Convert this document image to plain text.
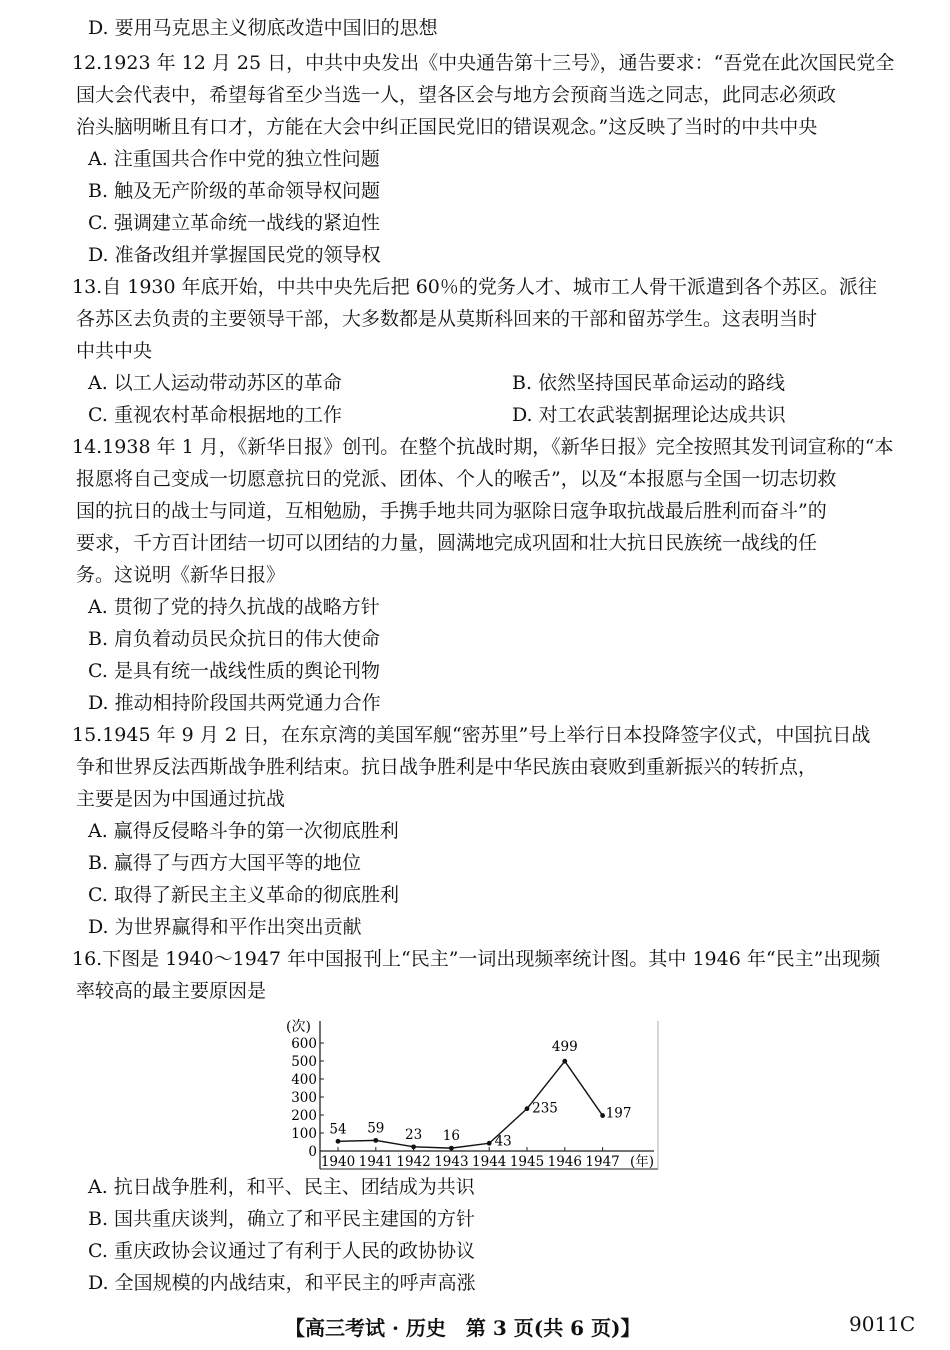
D. 要用马克思主义彻底改造中国旧的思想
12.1923 年 12 月 25 日，中共中央发出《中央通告第十三号》，通告要求：“吾党在此次国民党全
国大会代表中，希望每省至少当选一人，望各区会与地方会预商当选之同志，此同志必须政
治头脑明晰且有口才，方能在大会中纠正国民党旧的错误观念。”这反映了当时的中共中央
A. 注重国共合作中党的独立性问题
B. 触及无产阶级的革命领导权问题
C. 强调建立革命统一战线的紧迫性
D. 准备改组并掌握国民党的领导权
13.自 1930 年底开始，中共中央先后把 60％的党务人才、城市工人骨干派遣到各个苏区。派往
各苏区去负责的主要领导干部，大多数都是从莫斯科回来的干部和留苏学生。这表明当时
中共中央
A. 以工人运动带动苏区的革命	B. 依然坚持国民革命运动的路线
C. 重视农村革命根据地的工作	D. 对工农武装割据理论达成共识
14.1938 年 1 月，《新华日报》创刊。在整个抗战时期，《新华日报》完全按照其发刊词宣称的“本
报愿将自己变成一切愿意抗日的党派、团体、个人的喉舌”，以及“本报愿与全国一切志切救
国的抗日的战士与同道，互相勉励，手携手地共同为驱除日寇争取抗战最后胜利而奋斗”的
要求，千方百计团结一切可以团结的力量，圆满地完成巩固和壮大抗日民族统一战线的任
务。这说明《新华日报》
A. 贯彻了党的持久抗战的战略方针
B. 肩负着动员民众抗日的伟大使命
C. 是具有统一战线性质的舆论刊物
D. 推动相持阶段国共两党通力合作
15.1945 年 9 月 2 日，在东京湾的美国军舰“密苏里”号上举行日本投降签字仪式，中国抗日战
争和世界反法西斯战争胜利结束。抗日战争胜利是中华民族由衰败到重新振兴的转折点，
主要是因为中国通过抗战
A. 赢得反侵略斗争的第一次彻底胜利
B. 赢得了与西方大国平等的地位
C. 取得了新民主主义革命的彻底胜利
D. 为世界赢得和平作出突出贡献
16.下图是 1940～1947 年中国报刊上“民主”一词出现频率统计图。其中 1946 年“民主”出现频
率较高的最主要原因是
(次)
0
100
200
300
400
500
600
1940 1941 1942 1943 1944 1945 1946 1947 (年)
54 59 23 16	43
235
499
197
A. 抗日战争胜利，和平、民主、团结成为共识
B. 国共重庆谈判，确立了和平民主建国的方针
C. 重庆政协会议通过了有利于人民的政协协议
D. 全国规模的内战结束，和平民主的呼声高涨
【高三考试 · 历史　第 3 页(共 6 页)】	9011C
